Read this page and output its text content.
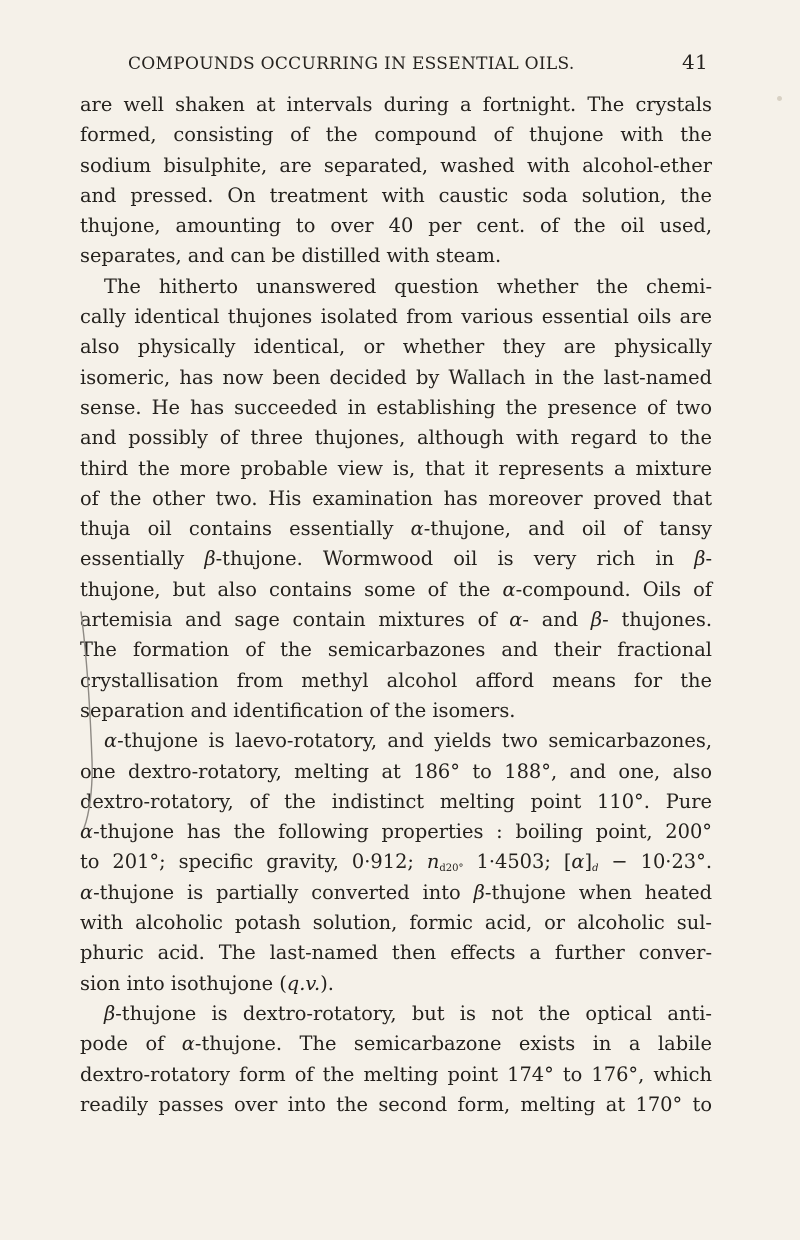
COMPOUNDS OCCURRING IN ESSENTIAL OILS.	41
are well shaken at intervals during a fortnight. The crystals
formed, consisting of the compound of thujone with the
sodium bisulphite, are separated, washed with alcohol-ether
and pressed. On treatment with caustic soda solution, the
thujone, amounting to over 40 per cent. of the oil used,
separates, and can be distilled with steam.
The hitherto unanswered question whether the chemi-
cally identical thujones isolated from various essential oils are
also physically identical, or whether they are physically
isomeric, has now been decided by Wallach in the last-named
sense. He has succeeded in establishing the presence of two
and possibly of three thujones, although with regard to the
third the more probable view is, that it represents a mixture
of the other two. His examination has moreover proved that
thuja oil contains essentially α-thujone, and oil of tansy
essentially β-thujone. Wormwood oil is very rich in β-
thujone, but also contains some of the α-compound. Oils of
artemisia and sage contain mixtures of α- and β- thujones.
The formation of the semicarbazones and their fractional
crystallisation from methyl alcohol afford means for the
separation and identification of the isomers.
α-thujone is laevo-rotatory, and yields two semicarbazones,
one dextro-rotatory, melting at 186° to 188°, and one, also
dextro-rotatory, of the indistinct melting point 110°. Pure
α-thujone has the following properties : boiling point, 200°
to 201°; specific gravity, 0·912; $n_{d20^\circ}$ 1·4503; $[\alpha]_d - 10\cdot 23^\circ$.
α-thujone is partially converted into β-thujone when heated
with alcoholic potash solution, formic acid, or alcoholic sul-
phuric acid. The last-named then effects a further conver-
sion into isothujone (q.v.).
β-thujone is dextro-rotatory, but is not the optical anti-
pode of α-thujone. The semicarbazone exists in a labile
dextro-rotatory form of the melting point 174° to 176°, which
readily passes over into the second form, melting at 170° to
